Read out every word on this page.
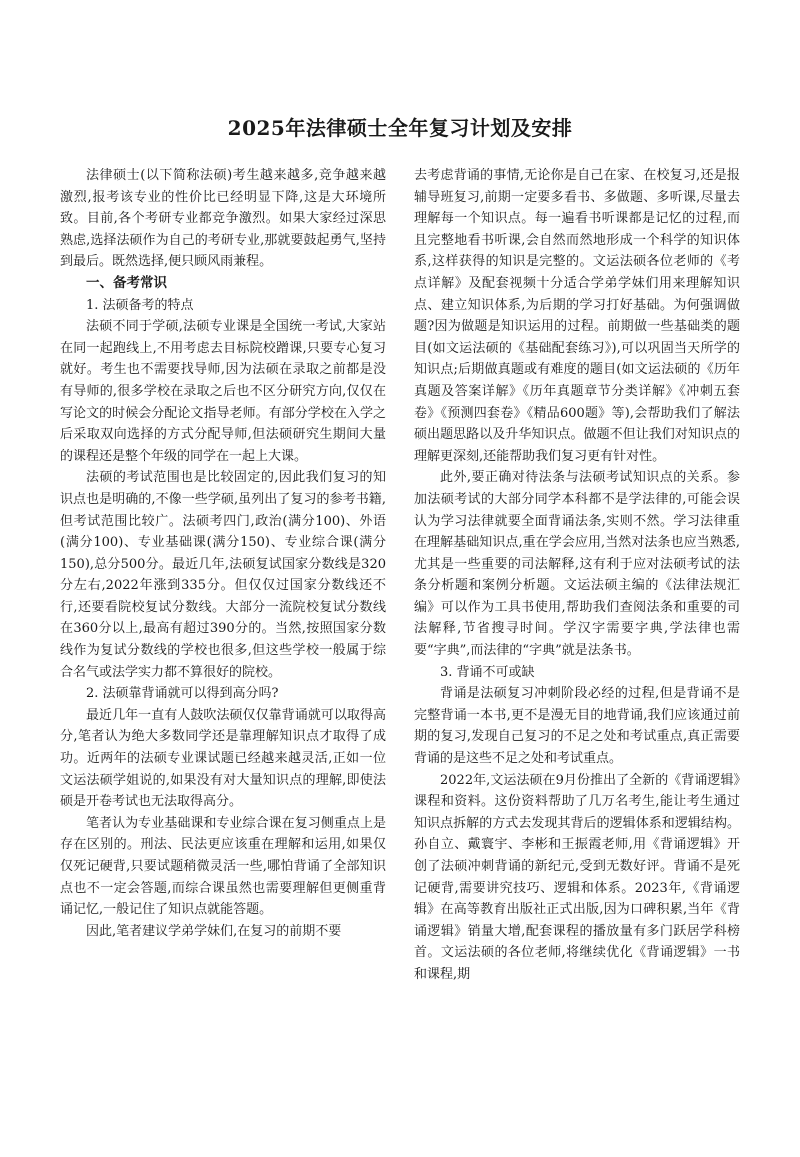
2025年法律硕士全年复习计划及安排

法律硕士(以下简称法硕)考生越来越多,竞争越来越激烈,报考该专业的性价比已经明显下降,这是大环境所致。目前,各个考研专业都竞争激烈。如果大家经过深思熟虑,选择法硕作为自己的考研专业,那就要鼓起勇气,坚持到最后。既然选择,便只顾风雨兼程。

一、备考常识

1. 法硕备考的特点

法硕不同于学硕,法硕专业课是全国统一考试,大家站在同一起跑线上,不用考虑去目标院校蹭课,只要专心复习就好。考生也不需要找导师,因为法硕在录取之前都是没有导师的,很多学校在录取之后也不区分研究方向,仅仅在写论文的时候会分配论文指导老师。有部分学校在入学之后采取双向选择的方式分配导师,但法硕研究生期间大量的课程还是整个年级的同学在一起上大课。

法硕的考试范围也是比较固定的,因此我们复习的知识点也是明确的,不像一些学硕,虽列出了复习的参考书籍,但考试范围比较广。法硕考四门,政治(满分100)、外语(满分100)、专业基础课(满分150)、专业综合课(满分150),总分500分。最近几年,法硕复试国家分数线是320分左右,2022年涨到335分。但仅仅过国家分数线还不行,还要看院校复试分数线。大部分一流院校复试分数线在360分以上,最高有超过390分的。当然,按照国家分数线作为复试分数线的学校也很多,但这些学校一般属于综合名气或法学实力都不算很好的院校。

2. 法硕靠背诵就可以得到高分吗?

最近几年一直有人鼓吹法硕仅仅靠背诵就可以取得高分,笔者认为绝大多数同学还是靠理解知识点才取得了成功。近两年的法硕专业课试题已经越来越灵活,正如一位文运法硕学姐说的,如果没有对大量知识点的理解,即使法硕是开卷考试也无法取得高分。

笔者认为专业基础课和专业综合课在复习侧重点上是存在区别的。刑法、民法更应该重在理解和运用,如果仅仅死记硬背,只要试题稍微灵活一些,哪怕背诵了全部知识点也不一定会答题,而综合课虽然也需要理解但更侧重背诵记忆,一般记住了知识点就能答题。

因此,笔者建议学弟学妹们,在复习的前期不要

去考虑背诵的事情,无论你是自己在家、在校复习,还是报辅导班复习,前期一定要多看书、多做题、多听课,尽量去理解每一个知识点。每一遍看书听课都是记忆的过程,而且完整地看书听课,会自然而然地形成一个科学的知识体系,这样获得的知识是完整的。文运法硕各位老师的《考点详解》及配套视频十分适合学弟学妹们用来理解知识点、建立知识体系,为后期的学习打好基础。为何强调做题?因为做题是知识运用的过程。前期做一些基础类的题目(如文运法硕的《基础配套练习》),可以巩固当天所学的知识点;后期做真题或有难度的题目(如文运法硕的《历年真题及答案详解》《历年真题章节分类详解》《冲刺五套卷》《预测四套卷》《精品600题》等),会帮助我们了解法硕出题思路以及升华知识点。做题不但让我们对知识点的理解更深刻,还能帮助我们复习更有针对性。

此外,要正确对待法条与法硕考试知识点的关系。参加法硕考试的大部分同学本科都不是学法律的,可能会误认为学习法律就要全面背诵法条,实则不然。学习法律重在理解基础知识点,重在学会应用,当然对法条也应当熟悉,尤其是一些重要的司法解释,这有利于应对法硕考试的法条分析题和案例分析题。文运法硕主编的《法律法规汇编》可以作为工具书使用,帮助我们查阅法条和重要的司法解释,节省搜寻时间。学汉字需要字典,学法律也需要“字典”,而法律的“字典”就是法条书。

3. 背诵不可或缺

背诵是法硕复习冲刺阶段必经的过程,但是背诵不是完整背诵一本书,更不是漫无目的地背诵,我们应该通过前期的复习,发现自己复习的不足之处和考试重点,真正需要背诵的是这些不足之处和考试重点。

2022年,文运法硕在9月份推出了全新的《背诵逻辑》课程和资料。这份资料帮助了几万名考生,能让考生通过知识点拆解的方式去发现其背后的逻辑体系和逻辑结构。孙自立、戴寰宇、李彬和王振霞老师,用《背诵逻辑》开创了法硕冲刺背诵的新纪元,受到无数好评。背诵不是死记硬背,需要讲究技巧、逻辑和体系。2023年,《背诵逻辑》在高等教育出版社正式出版,因为口碑积累,当年《背诵逻辑》销量大增,配套课程的播放量有多门跃居学科榜首。文运法硕的各位老师,将继续优化《背诵逻辑》一书和课程,期
